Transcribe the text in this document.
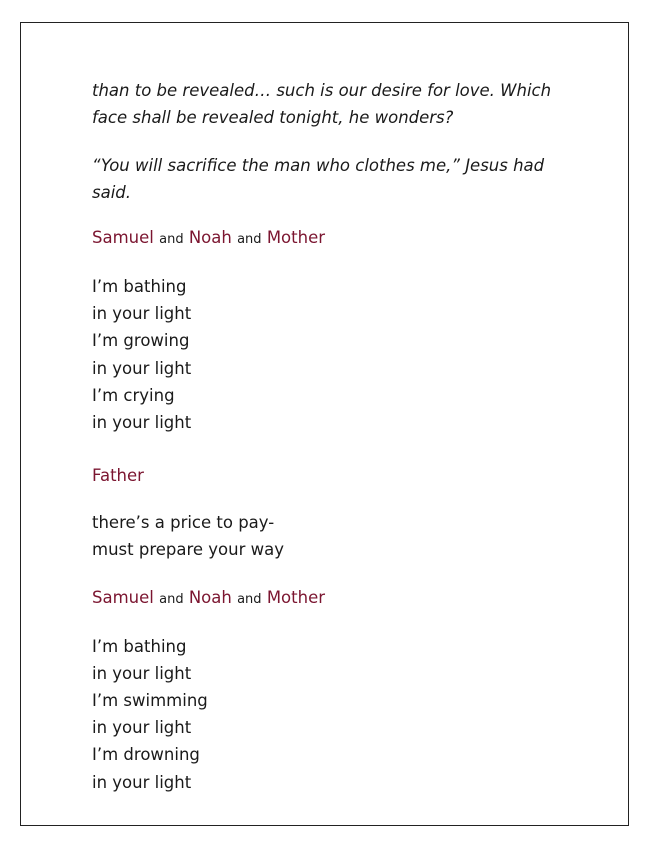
than to be revealed… such is our desire for love. Which face shall be revealed tonight, he wonders?

“You will sacrifice the man who clothes me,” Jesus had said.

Samuel and Noah and Mother

I’m bathing
in your light
I’m growing
in your light
I’m crying
in your light

Father

there’s a price to pay-
must prepare your way

Samuel and Noah and Mother

I’m bathing
in your light
I’m swimming
in your light
I’m drowning
in your light
